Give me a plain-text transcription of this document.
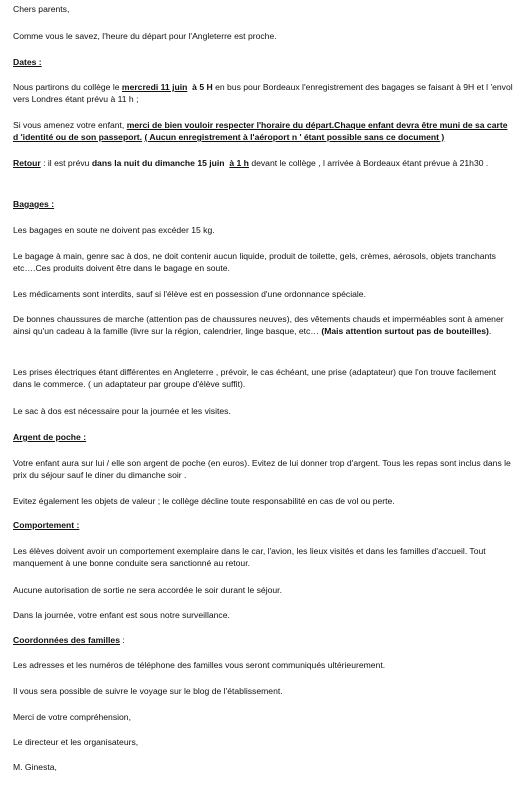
Chers parents,

Comme vous le savez, l'heure du départ pour l'Angleterre est proche.

Dates :

Nous partirons du collège le mercredi 11 juin à 5 H en bus pour Bordeaux l'enregistrement des bagages se faisant à 9H et l 'envol vers Londres étant prévu à 11 h ;

Si vous amenez votre enfant, merci de bien vouloir respecter l'horaire du départ.Chaque enfant devra être muni de sa carte d 'identité ou de son passeport. ( Aucun enregistrement à l'aéroport n ' étant possible sans ce document )

Retour : il est prévu dans la nuit du dimanche 15 juin à 1 h devant le collège , l arrivée à Bordeaux étant prévue à 21h30 .

Bagages :

Les bagages en soute ne doivent pas excéder 15 kg.

Le bagage à main, genre sac à dos, ne doit contenir aucun liquide, produit de toilette, gels, crèmes, aérosols, objets tranchants etc….Ces produits doivent être dans le bagage en soute.

Les médicaments sont interdits, sauf si l'élève est en possession d'une ordonnance spéciale.

De bonnes chaussures de marche (attention pas de chaussures neuves), des vêtements chauds et imperméables sont à amener ainsi qu'un cadeau à la famille (livre sur la région, calendrier, linge basque, etc… (Mais attention surtout pas de bouteilles).

Les prises électriques étant différentes en Angleterre , prévoir, le cas échéant, une prise (adaptateur) que l'on trouve facilement dans le commerce. ( un adaptateur par groupe d'élève suffit).

Le sac à dos est nécessaire pour la journée et les visites.

Argent de poche :

Votre enfant aura sur lui / elle son argent de poche (en euros). Evitez de lui donner trop d'argent. Tous les repas sont inclus dans le prix du séjour sauf le diner du dimanche soir .

Evitez également les objets de valeur ; le collège décline toute responsabilité en cas de vol ou perte.

Comportement :

Les élèves doivent avoir un comportement exemplaire dans le car, l'avion, les lieux visités et dans les familles d'accueil. Tout manquement à une bonne conduite sera sanctionné au retour.

Aucune autorisation de sortie ne sera accordée le soir durant le séjour.

Dans la journée, votre enfant est sous notre surveillance.

Coordonnées des familles :

Les adresses et les numéros de téléphone des familles vous seront communiqués ultérieurement.

Il vous sera possible de suivre le voyage sur le blog de l'établissement.

Merci de votre compréhension,

Le directeur et les organisateurs,

M. Ginesta,
